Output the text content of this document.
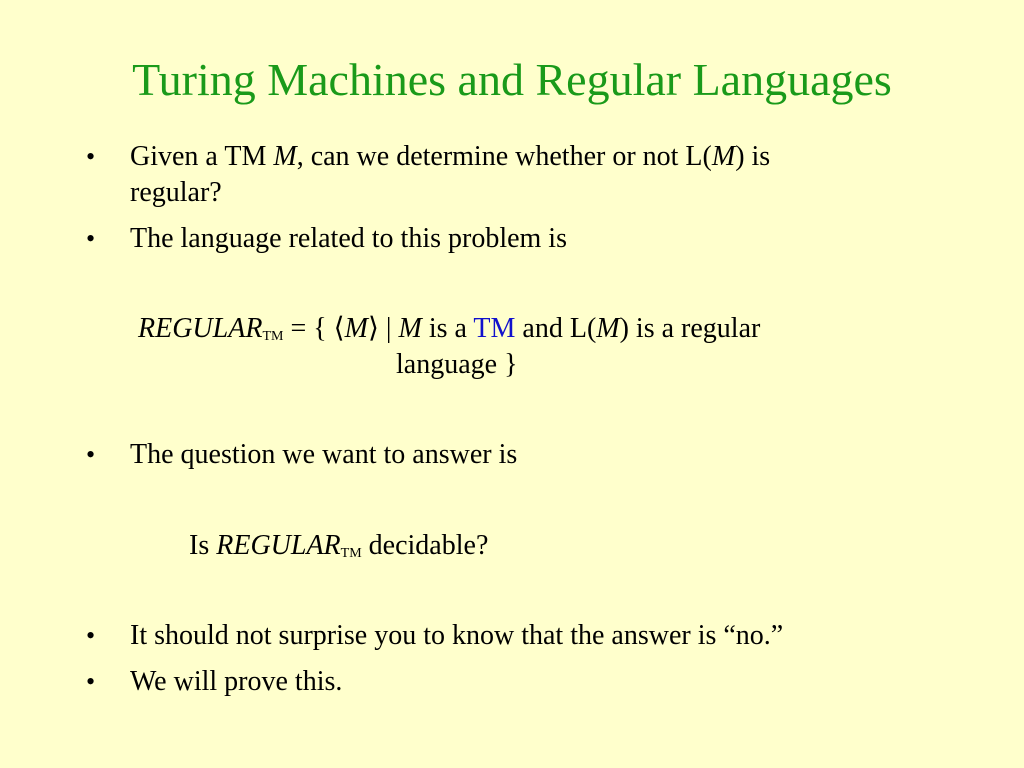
Turing Machines and Regular Languages
• Given a TM M, can we determine whether or not L(M) is
regular?
• The language related to this problem is
$REGULAR_{TM}$ = { ⟨M⟩ | M is a TM and L(M) is a regular
language }
• The question we want to answer is
Is $REGULAR_{TM}$ decidable?
• It should not surprise you to know that the answer is “no.”
• We will prove this.
